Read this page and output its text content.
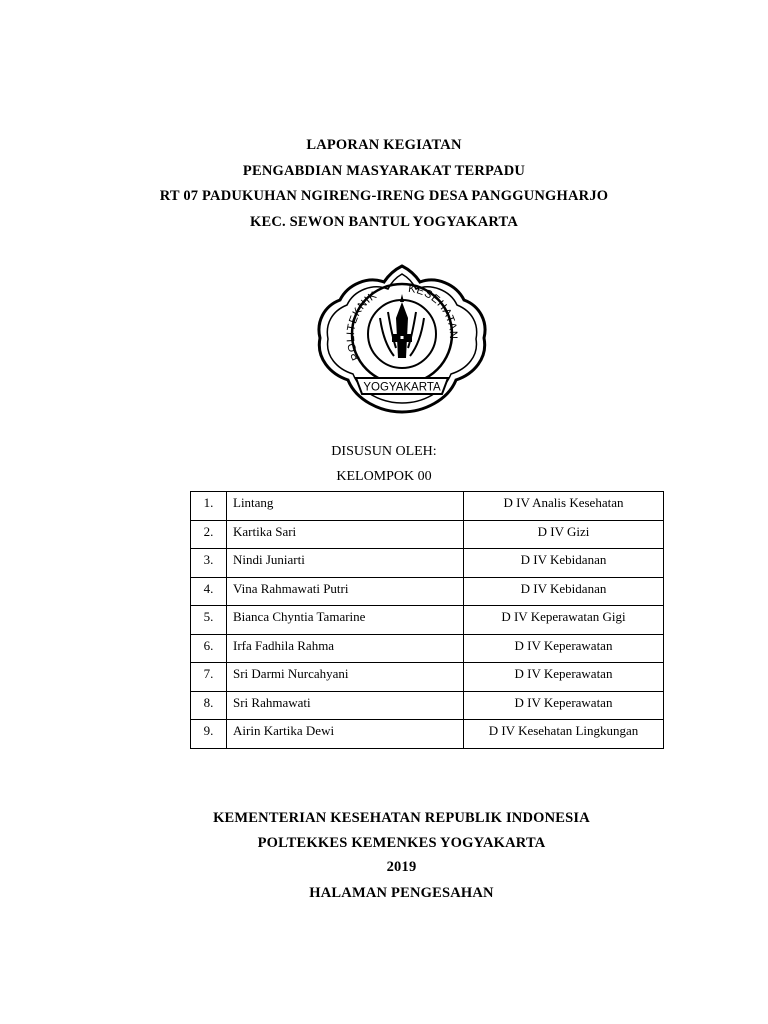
LAPORAN KEGIATAN
PENGABDIAN MASYARAKAT TERPADU
RT 07 PADUKUHAN NGIRENG-IRENG DESA PANGGUNGHARJO
KEC. SEWON BANTUL YOGYAKARTA
POLITEKNIK	KESEHATAN
YOGYAKARTA
DISUSUN OLEH:
KELOMPOK 00
1.	Lintang	D IV Analis Kesehatan
2.	Kartika Sari	D IV Gizi
3.	Nindi Juniarti	D IV Kebidanan
4.	Vina Rahmawati Putri	D IV Kebidanan
5.	Bianca Chyntia Tamarine	D IV Keperawatan Gigi
6.	Irfa Fadhila Rahma	D IV Keperawatan
7.	Sri Darmi Nurcahyani	D IV Keperawatan
8.	Sri Rahmawati	D IV Keperawatan
9.	Airin Kartika Dewi	D IV Kesehatan Lingkungan
KEMENTERIAN KESEHATAN REPUBLIK INDONESIA
POLTEKKES KEMENKES YOGYAKARTA
2019
HALAMAN PENGESAHAN
